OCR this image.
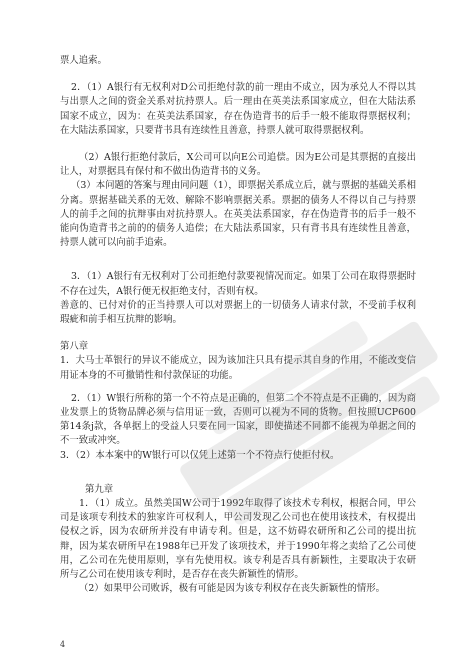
票人追索。

2．（1）A银行有无权利对D公司拒绝付款的前一理由不成立，因为承兑人不得以其与出票人之间的资金关系对抗持票人。后一理由在英美法系国家成立，但在大陆法系国家不成立，因为：在英美法系国家，存在伪造背书的后手一般不能取得票据权利；在大陆法系国家，只要背书具有连续性且善意，持票人就可取得票据权利。

（2）A银行拒绝付款后，X公司可以向E公司追偿。因为E公司是其票据的直接出让人，对票据具有保付和不做出伪造背书的义务。

（3）本问题的答案与理由同问题（1），即票据关系成立后，就与票据的基础关系相分离。票据基础关系的无效、解除不影响票据关系。票据的债务人不得以自己与持票人的前手之间的抗辩事由对抗持票人。在英美法系国家，存在伪造背书的后手一般不能向伪造背书之前的的债务人追偿；在大陆法系国家，只有背书具有连续性且善意，持票人就可以向前手追索。

3．（1）A银行有无权利对丁公司拒绝付款要视情况而定。如果丁公司在取得票据时不存在过失，A银行便无权拒绝支付，否则有权。

善意的、已付对价的正当持票人可以对票据上的一切债务人请求付款，不受前手权利瑕疵和前手相互抗辩的影响。

第八章

1．大马士革银行的异议不能成立，因为该加注只具有提示其自身的作用，不能改变信用证本身的不可撤销性和付款保证的功能。

2．（1）W银行所称的第一个不符点是正确的，但第二个不符点是不正确的，因为商业发票上的货物品牌必须与信用证一致，否则可以视为不同的货物。但按照UCP600第14条j款，各单据上的受益人只要在同一国家，即使描述不同都不能视为单据之间的不一致或冲突。

3．（2）本本案中的W银行可以仅凭上述第一个不符点行使拒付权。

第九章

1．（1）成立。虽然美国W公司于1992年取得了该技术专利权，根据合同，甲公司是该项专利技术的独家许可权利人，甲公司发现乙公司也在使用该技术，有权提出侵权之诉，因为农研所并没有申请专利。但是，这不妨碍农研所和乙公司的提出抗辩，因为某农研所早在1988年已开发了该项技术，并于1990年将之卖给了乙公司使用，乙公司在先使用原则，享有先使用权。该专利是否具有新颖性，主要取决于农研所与乙公司在使用该专利时，是否存在丧失新颖性的情形。

（2）如果甲公司败诉，极有可能是因为该专利权存在丧失新颖性的情形。

4
